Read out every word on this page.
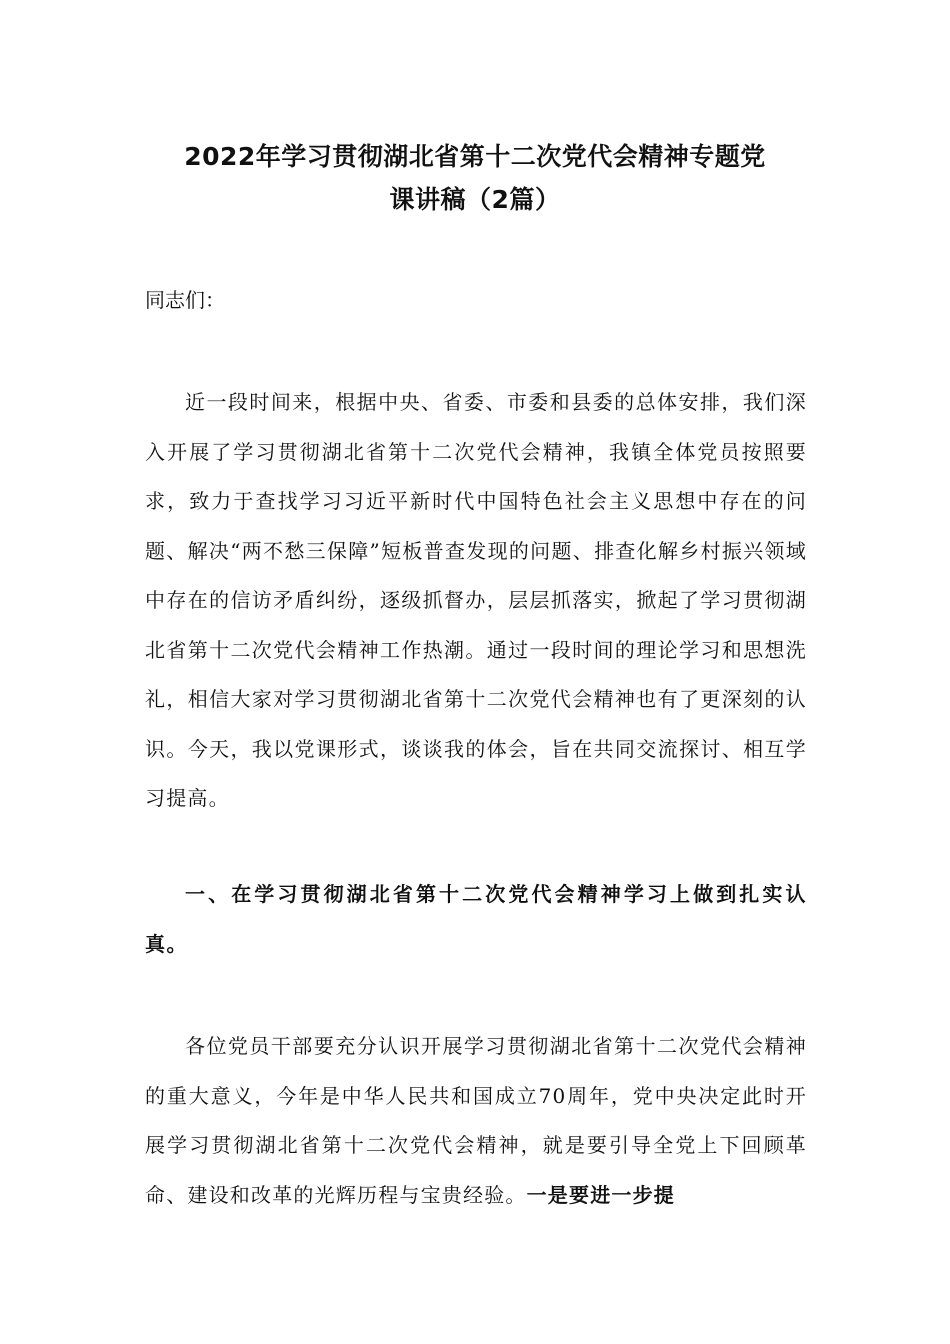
2022年学习贯彻湖北省第十二次党代会精神专题党
课讲稿（2篇）
同志们：

近一段时间来，根据中央、省委、市委和县委的总体安排，我们深入开展了学习贯彻湖北省第十二次党代会精神，我镇全体党员按照要求，致力于查找学习习近平新时代中国特色社会主义思想中存在的问题、解决“两不愁三保障”短板普查发现的问题、排查化解乡村振兴领域中存在的信访矛盾纠纷，逐级抓督办，层层抓落实，掀起了学习贯彻湖北省第十二次党代会精神工作热潮。通过一段时间的理论学习和思想洗礼，相信大家对学习贯彻湖北省第十二次党代会精神也有了更深刻的认识。今天，我以党课形式，谈谈我的体会，旨在共同交流探讨、相互学习提高。

一、在学习贯彻湖北省第十二次党代会精神学习上做到扎实认真。

各位党员干部要充分认识开展学习贯彻湖北省第十二次党代会精神的重大意义，今年是中华人民共和国成立70周年，党中央决定此时开展学习贯彻湖北省第十二次党代会精神，就是要引导全党上下回顾革命、建设和改革的光辉历程与宝贵经验。一是要进一步提
